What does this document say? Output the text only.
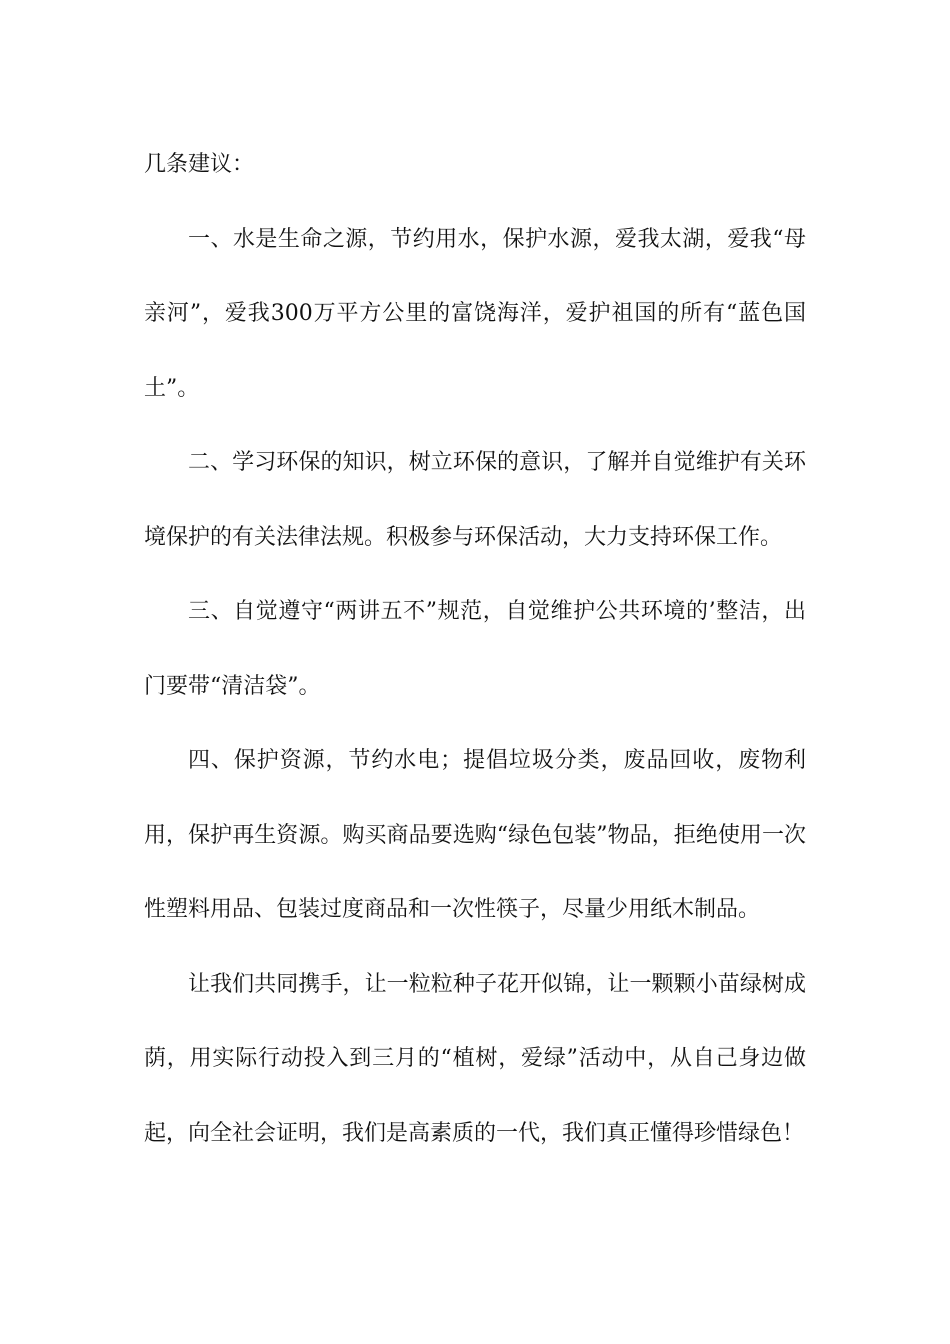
几条建议：

一、水是生命之源，节约用水，保护水源，爱我太湖，爱我“母亲河”，爱我300万平方公里的富饶海洋，爱护祖国的所有“蓝色国土”。

二、学习环保的知识，树立环保的意识，了解并自觉维护有关环境保护的有关法律法规。积极参与环保活动，大力支持环保工作。

三、自觉遵守“两讲五不”规范，自觉维护公共环境的’整洁，出门要带“清洁袋”。

四、保护资源，节约水电；提倡垃圾分类，废品回收，废物利用，保护再生资源。购买商品要选购“绿色包装”物品，拒绝使用一次性塑料用品、包装过度商品和一次性筷子，尽量少用纸木制品。

让我们共同携手，让一粒粒种子花开似锦，让一颗颗小苗绿树成荫，用实际行动投入到三月的“植树，爱绿”活动中，从自己身边做起，向全社会证明，我们是高素质的一代，我们真正懂得珍惜绿色！
